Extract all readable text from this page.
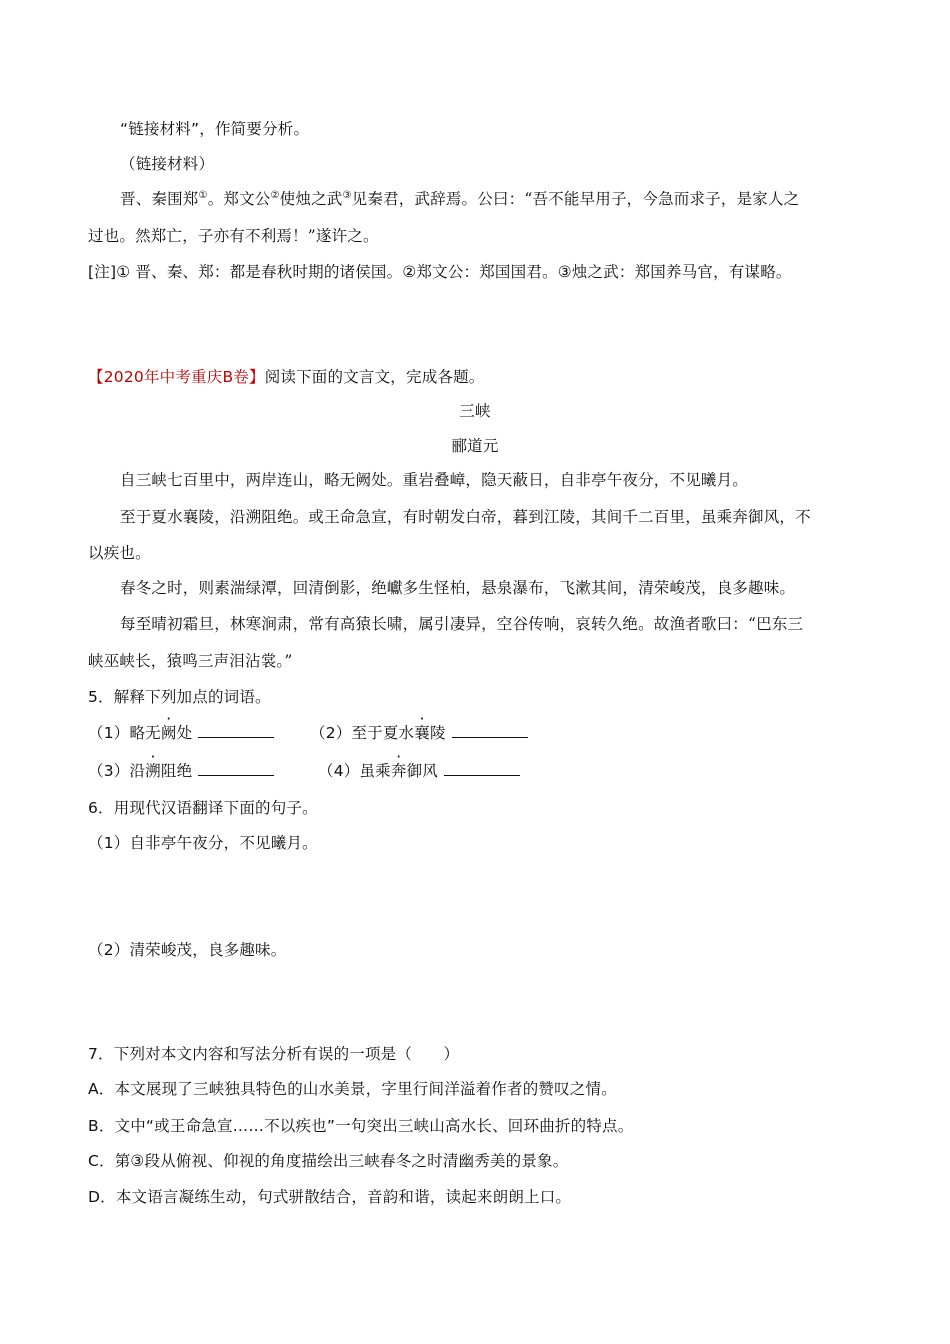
“链接材料”，作简要分析。
（链接材料）
晋、秦围郑①。郑文公②使烛之武③见秦君，武辞焉。公曰：“吾不能早用子，今急而求子，是家人之
过也。然郑亡，子亦有不利焉！”遂许之。
[注]① 晋、秦、郑：都是春秋时期的诸侯国。②郑文公：郑国国君。③烛之武：郑国养马官，有谋略。
【2020年中考重庆B卷】阅读下面的文言文，完成各题。
三峡
郦道元
自三峡七百里中，两岸连山，略无阙处。重岩叠嶂，隐天蔽日，自非亭午夜分，不见曦月。
至于夏水襄陵，沿溯阻绝。或王命急宣，有时朝发白帝，暮到江陵，其间千二百里，虽乘奔御风，不
以疾也。
春冬之时，则素湍绿潭，回清倒影，绝巘多生怪柏，悬泉瀑布，飞漱其间，清荣峻茂，良多趣味。
每至晴初霜旦，林寒涧肃，常有高猿长啸，属引凄异，空谷传响，哀转久绝。故渔者歌曰：“巴东三
峡巫峡长，猿鸣三声泪沾裳。”
5．解释下列加点的词语。
（1）略无阙处	（2）至于夏水襄陵
（3）沿溯阻绝	（4）虽乘奔御风
6．用现代汉语翻译下面的句子。
（1）自非亭午夜分，不见曦月。
（2）清荣峻茂，良多趣味。
7．下列对本文内容和写法分析有误的一项是（　　）
A．本文展现了三峡独具特色的山水美景，字里行间洋溢着作者的赞叹之情。
B．文中“或王命急宣……不以疾也”一句突出三峡山高水长、回环曲折的特点。
C．第③段从俯视、仰视的角度描绘出三峡春冬之时清幽秀美的景象。
D．本文语言凝练生动，句式骈散结合，音韵和谐，读起来朗朗上口。
